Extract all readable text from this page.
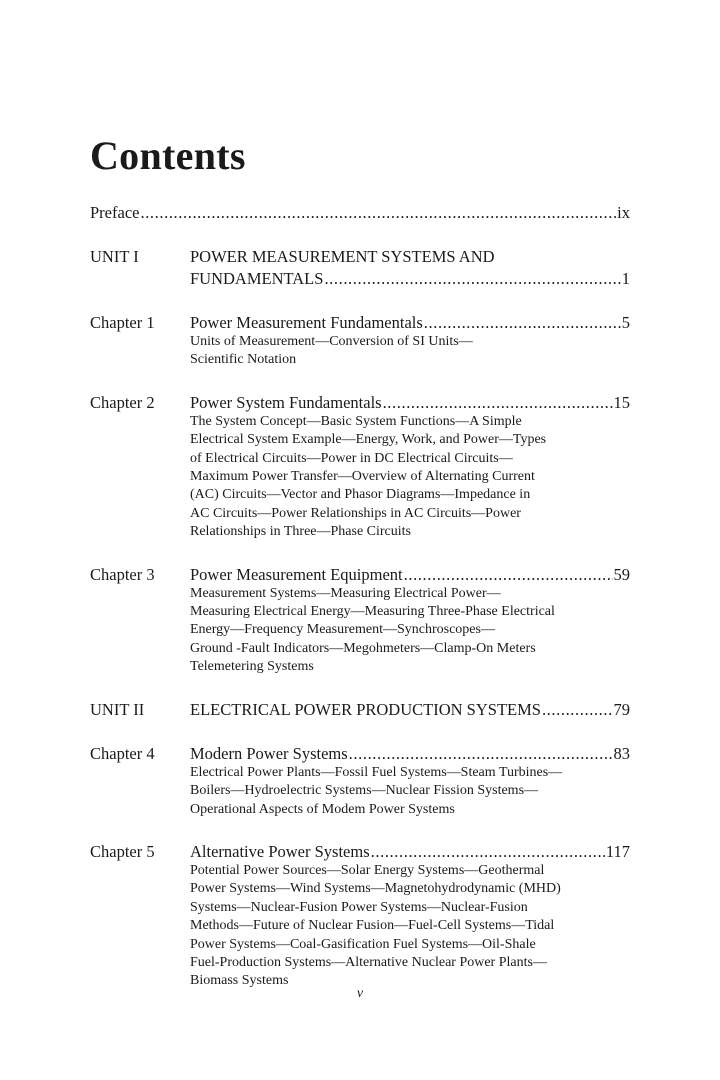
Contents
Preface .....	ix
UNIT I	POWER MEASUREMENT SYSTEMS AND
FUNDAMENTALS .....	1
Chapter 1	Power Measurement Fundamentals .....	5
Units of Measurement—Conversion of SI Units—
Scientific Notation
Chapter 2	Power System Fundamentals .....	15
The System Concept—Basic System Functions—A Simple
Electrical System Example—Energy, Work, and Power—Types
of Electrical Circuits—Power in DC Electrical Circuits—
Maximum Power Transfer—Overview of Alternating Current
(AC) Circuits—Vector and Phasor Diagrams—Impedance in
AC Circuits—Power Relationships in AC Circuits—Power
Relationships in Three—Phase Circuits
Chapter 3	Power Measurement Equipment .....	59
Measurement Systems—Measuring Electrical Power—
Measuring Electrical Energy—Measuring Three-Phase Electrical
Energy—Frequency Measurement—Synchroscopes—
Ground -Fault Indicators—Megohmeters—Clamp-On Meters
Telemetering Systems
UNIT II	ELECTRICAL POWER PRODUCTION SYSTEMS .....	79
Chapter 4	Modern Power Systems .....	83
Electrical Power Plants—Fossil Fuel Systems—Steam Turbines—
Boilers—Hydroelectric Systems—Nuclear Fission Systems—
Operational Aspects of Modem Power Systems
Chapter 5	Alternative Power Systems .....	117
Potential Power Sources—Solar Energy Systems—Geothermal
Power Systems—Wind Systems—Magnetohydrodynamic (MHD)
Systems—Nuclear-Fusion Power Systems—Nuclear-Fusion
Methods—Future of Nuclear Fusion—Fuel-Cell Systems—Tidal
Power Systems—Coal-Gasification Fuel Systems—Oil-Shale
Fuel-Production Systems—Alternative Nuclear Power Plants—
Biomass Systems
v
